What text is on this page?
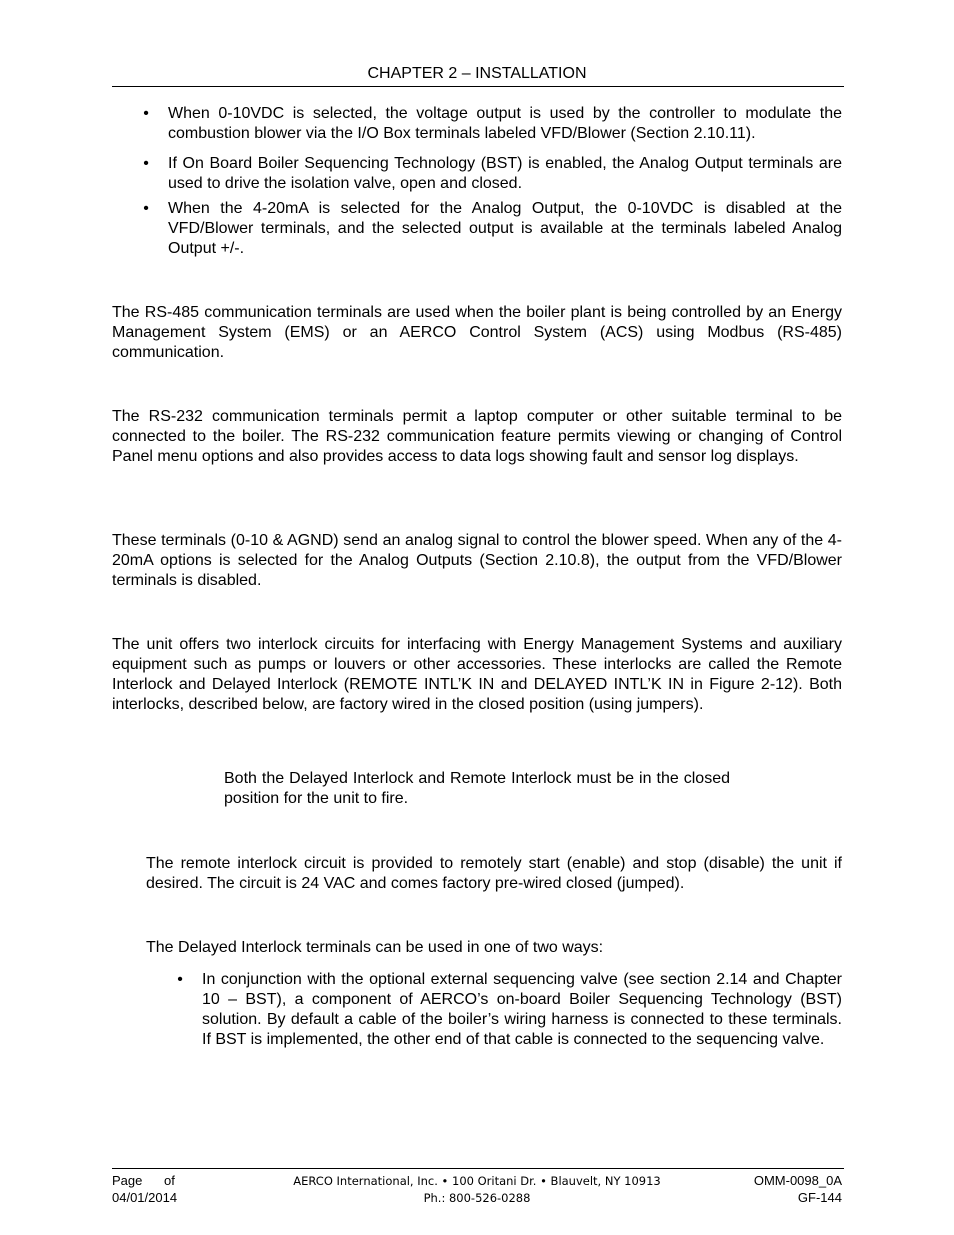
CHAPTER 2 – INSTALLATION
• When 0-10VDC is selected, the voltage output is used by the controller to modulate the combustion blower via the I/O Box terminals labeled VFD/Blower (Section 2.10.11).
• If On Board Boiler Sequencing Technology (BST) is enabled, the Analog Output terminals are used to drive the isolation valve, open and closed.
• When the 4-20mA is selected for the Analog Output, the 0-10VDC is disabled at the VFD/Blower terminals, and the selected output is available at the terminals labeled Analog Output +/-.
The RS-485 communication terminals are used when the boiler plant is being controlled by an Energy Management System (EMS) or an AERCO Control System (ACS) using Modbus (RS-485) communication.
The RS-232 communication terminals permit a laptop computer or other suitable terminal to be connected to the boiler. The RS-232 communication feature permits viewing or changing of Control Panel menu options and also provides access to data logs showing fault and sensor log displays.
These terminals (0-10 & AGND) send an analog signal to control the blower speed. When any of the 4-20mA options is selected for the Analog Outputs (Section 2.10.8), the output from the VFD/Blower terminals is disabled.
The unit offers two interlock circuits for interfacing with Energy Management Systems and auxiliary equipment such as pumps or louvers or other accessories. These interlocks are called the Remote Interlock and Delayed Interlock (REMOTE INTL’K IN and DELAYED INTL’K IN in Figure 2-12). Both interlocks, described below, are factory wired in the closed position (using jumpers).
Both the Delayed Interlock and Remote Interlock must be in the closed position for the unit to fire.
The remote interlock circuit is provided to remotely start (enable) and stop (disable) the unit if desired. The circuit is 24 VAC and comes factory pre-wired closed (jumped).
The Delayed Interlock terminals can be used in one of two ways:
• In conjunction with the optional external sequencing valve (see section 2.14 and Chapter 10 – BST), a component of AERCO’s on-board Boiler Sequencing Technology (BST) solution. By default a cable of the boiler’s wiring harness is connected to these terminals. If BST is implemented, the other end of that cable is connected to the sequencing valve.
Page      of
04/01/2014
AERCO International, Inc. • 100 Oritani Dr. • Blauvelt, NY 10913
Ph.: 800-526-0288
OMM-0098_0A
GF-144
